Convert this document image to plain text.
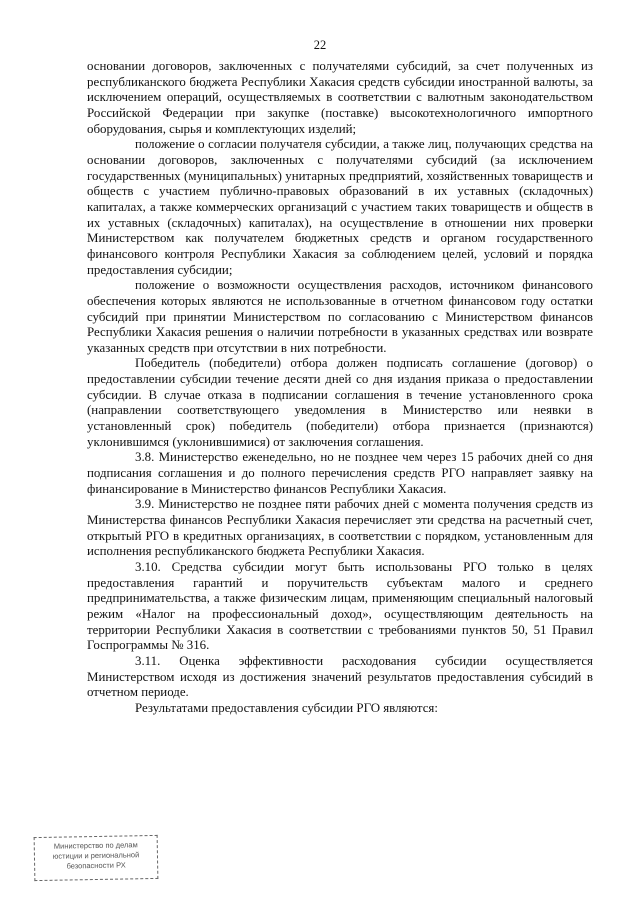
22

основании договоров, заключенных с получателями субсидий, за счет полученных из республиканского бюджета Республики Хакасия средств субсидии иностранной валюты, за исключением операций, осуществляемых в соответствии с валютным законодательством Российской Федерации при закупке (поставке) высокотехнологичного импортного оборудования, сырья и комплектующих изделий;

положение о согласии получателя субсидии, а также лиц, получающих средства на основании договоров, заключенных с получателями субсидий (за исключением государственных (муниципальных) унитарных предприятий, хозяйственных товариществ и обществ с участием публично-правовых образований в их уставных (складочных) капиталах, а также коммерческих организаций с участием таких товариществ и обществ в их уставных (складочных) капиталах), на осуществление в отношении них проверки Министерством как получателем бюджетных средств и органом государственного финансового контроля Республики Хакасия за соблюдением целей, условий и порядка предоставления субсидии;

положение о возможности осуществления расходов, источником финансового обеспечения которых являются не использованные в отчетном финансовом году остатки субсидий при принятии Министерством по согласованию с Министерством финансов Республики Хакасия решения о наличии потребности в указанных средствах или возврате указанных средств при отсутствии в них потребности.

Победитель (победители) отбора должен подписать соглашение (договор) о предоставлении субсидии течение десяти дней со дня издания приказа о предоставлении субсидии. В случае отказа в подписании соглашения в течение установленного срока (направлении соответствующего уведомления в Министерство или неявки в установленный срок) победитель (победители) отбора признается (признаются) уклонившимся (уклонившимися) от заключения соглашения.

3.8. Министерство еженедельно, но не позднее чем через 15 рабочих дней со дня подписания соглашения и до полного перечисления средств РГО направляет заявку на финансирование в Министерство финансов Республики Хакасия.

3.9. Министерство не позднее пяти рабочих дней с момента получения средств из Министерства финансов Республики Хакасия перечисляет эти средства на расчетный счет, открытый РГО в кредитных организациях, в соответствии с порядком, установленным для исполнения республиканского бюджета Республики Хакасия.

3.10. Средства субсидии могут быть использованы РГО только в целях предоставления гарантий и поручительств субъектам малого и среднего предпринимательства, а также физическим лицам, применяющим специальный налоговый режим «Налог на профессиональный доход», осуществляющим деятельность на территории Республики Хакасия в соответствии с требованиями пунктов 50, 51 Правил Госпрограммы № 316.

3.11. Оценка эффективности расходования субсидии осуществляется Министерством исходя из достижения значений результатов предоставления субсидий в отчетном периоде.

Результатами предоставления субсидии РГО являются:

Министерство по делам
юстиции и региональной
безопасности РХ
